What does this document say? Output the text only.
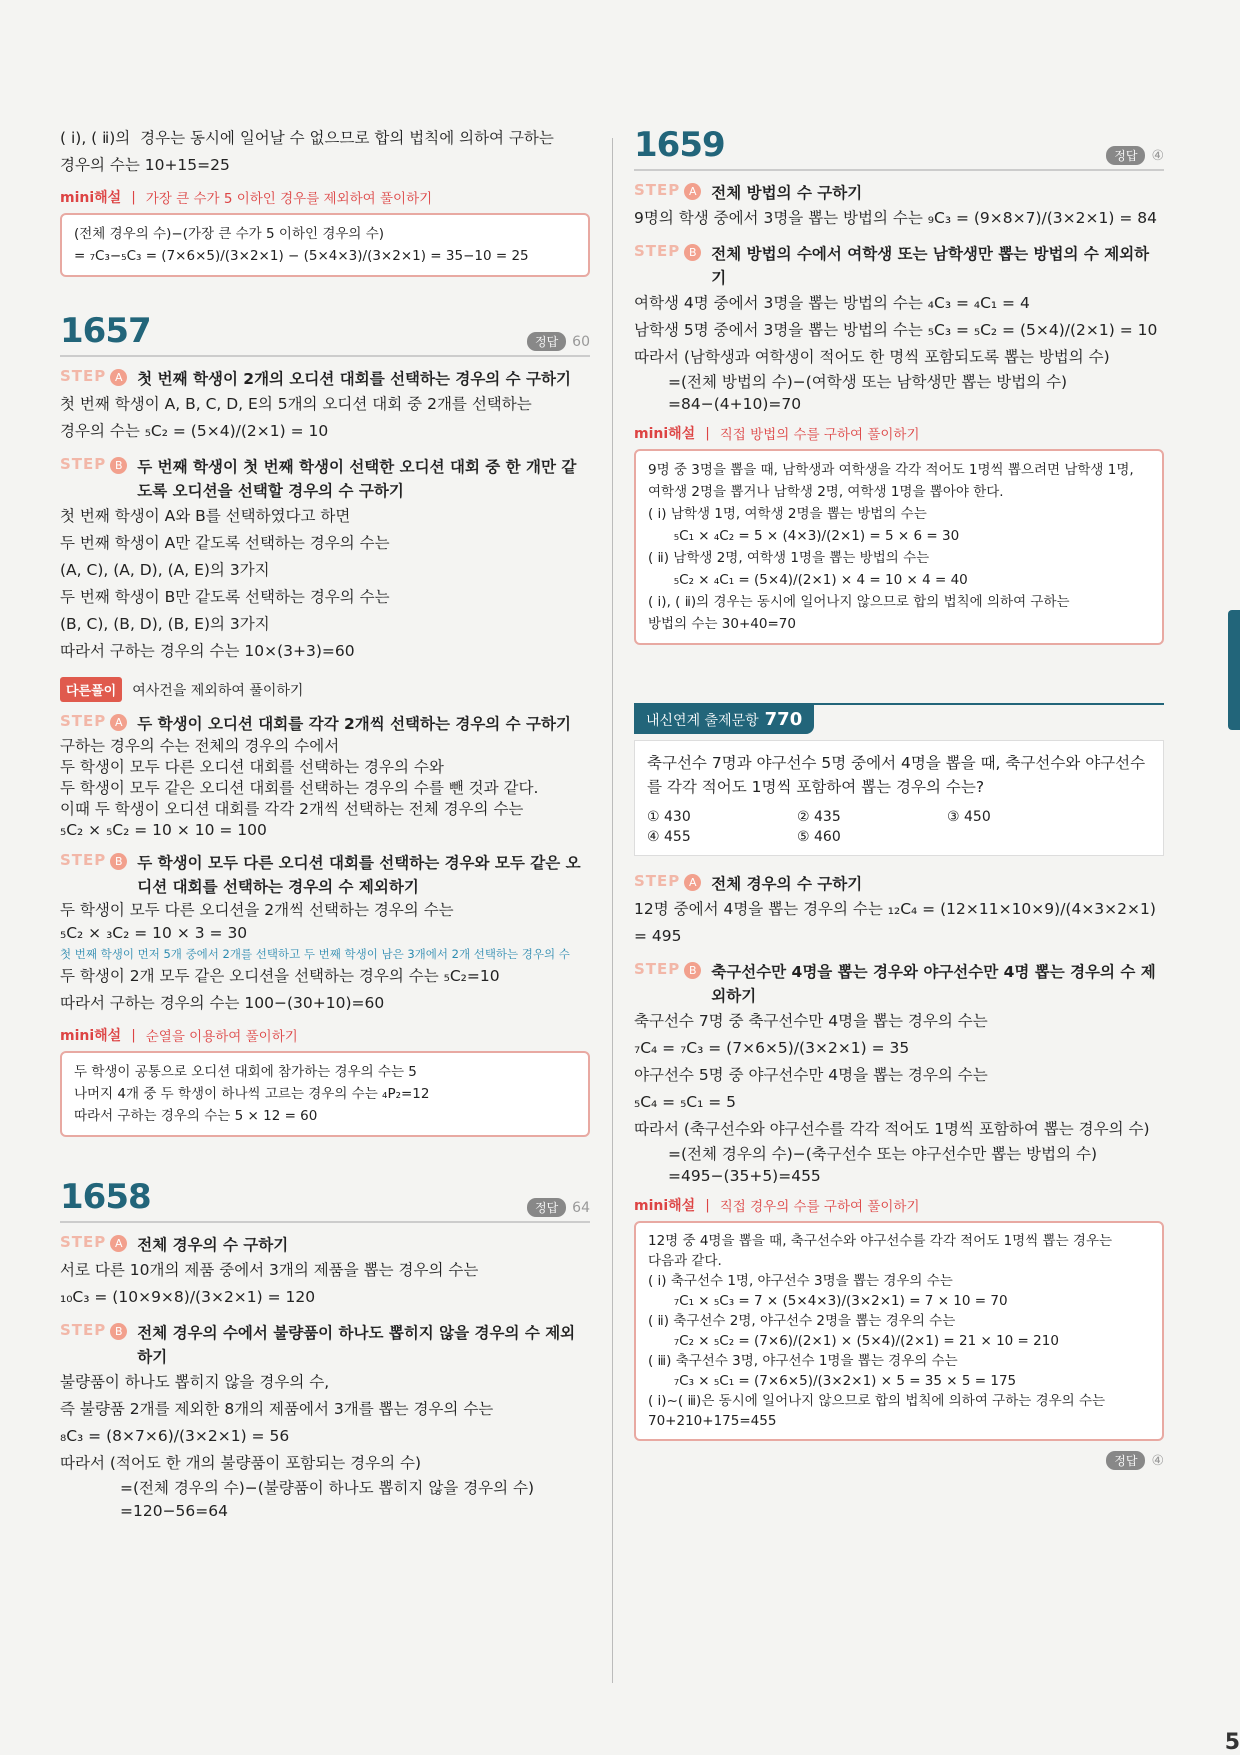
( ⅰ), ( ⅱ)의  경우는 동시에 일어날 수 없으므로 합의 법칙에 의하여 구하는

경우의 수는 10+15=25

mini해설 | 가장 큰 수가 5 이하인 경우를 제외하여 풀이하기

(전체 경우의 수)−(가장 큰 수가 5 이하인 경우의 수)

= ₇C₃−₅C₃ = (7×6×5)/(3×2×1) − (5×4×3)/(3×2×1) = 35−10 = 25

1657	정답	60
STEP A 첫 번째 학생이 2개의 오디션 대회를 선택하는 경우의 수 구하기

첫 번째 학생이 A, B, C, D, E의 5개의 오디션 대회 중 2개를 선택하는

경우의 수는 ₅C₂ = (5×4)/(2×1) = 10

STEP B 두 번째 학생이 첫 번째 학생이 선택한 오디션 대회 중 한 개만 같도록 오디션을 선택할 경우의 수 구하기

첫 번째 학생이 A와 B를 선택하였다고 하면

두 번째 학생이 A만 같도록 선택하는 경우의 수는

(A, C), (A, D), (A, E)의 3가지

두 번째 학생이 B만 같도록 선택하는 경우의 수는

(B, C), (B, D), (B, E)의 3가지

따라서 구하는 경우의 수는 10×(3+3)=60

다른풀이	여사건을 제외하여 풀이하기
STEP A 두 학생이 오디션 대회를 각각 2개씩 선택하는 경우의 수 구하기

구하는 경우의 수는 전체의 경우의 수에서

두 학생이 모두 다른 오디션 대회를 선택하는 경우의 수와

두 학생이 모두 같은 오디션 대회를 선택하는 경우의 수를 뺀 것과 같다.

이때 두 학생이 오디션 대회를 각각 2개씩 선택하는 전체 경우의 수는

₅C₂ × ₅C₂ = 10 × 10 = 100

STEP B 두 학생이 모두 다른 오디션 대회를 선택하는 경우와 모두 같은 오디션 대회를 선택하는 경우의 수 제외하기

두 학생이 모두 다른 오디션을 2개씩 선택하는 경우의 수는

₅C₂ × ₃C₂ = 10 × 3 = 30

첫 번째 학생이 먼저 5개 중에서 2개를 선택하고 두 번째 학생이 남은 3개에서 2개 선택하는 경우의 수

두 학생이 2개 모두 같은 오디션을 선택하는 경우의 수는 ₅C₂=10

따라서 구하는 경우의 수는 100−(30+10)=60

mini해설 | 순열을 이용하여 풀이하기

두 학생이 공통으로 오디션 대회에 참가하는 경우의 수는 5

나머지 4개 중 두 학생이 하나씩 고르는 경우의 수는 ₄P₂=12

따라서 구하는 경우의 수는 5 × 12 = 60

1658	정답	64
STEP A 전체 경우의 수 구하기

서로 다른 10개의 제품 중에서 3개의 제품을 뽑는 경우의 수는

₁₀C₃ = (10×9×8)/(3×2×1) = 120

STEP B 전체 경우의 수에서 불량품이 하나도 뽑히지 않을 경우의 수 제외하기

불량품이 하나도 뽑히지 않을 경우의 수,

즉 불량품 2개를 제외한 8개의 제품에서 3개를 뽑는 경우의 수는

₈C₃ = (8×7×6)/(3×2×1) = 56

따라서 (적어도 한 개의 불량품이 포함되는 경우의 수)

=(전체 경우의 수)−(불량품이 하나도 뽑히지 않을 경우의 수)

=120−56=64

1659	정답	④
STEP A 전체 방법의 수 구하기

9명의 학생 중에서 3명을 뽑는 방법의 수는 ₉C₃ = (9×8×7)/(3×2×1) = 84

STEP B 전체 방법의 수에서 여학생 또는 남학생만 뽑는 방법의 수 제외하기

여학생 4명 중에서 3명을 뽑는 방법의 수는 ₄C₃ = ₄C₁ = 4

남학생 5명 중에서 3명을 뽑는 방법의 수는 ₅C₃ = ₅C₂ = (5×4)/(2×1) = 10

따라서 (남학생과 여학생이 적어도 한 명씩 포함되도록 뽑는 방법의 수)

=(전체 방법의 수)−(여학생 또는 남학생만 뽑는 방법의 수)

=84−(4+10)=70

mini해설 | 직접 방법의 수를 구하여 풀이하기

9명 중 3명을 뽑을 때, 남학생과 여학생을 각각 적어도 1명씩 뽑으려면 남학생 1명,

여학생 2명을 뽑거나 남학생 2명, 여학생 1명을 뽑아야 한다.

( ⅰ) 남학생 1명, 여학생 2명을 뽑는 방법의 수는

₅C₁ × ₄C₂ = 5 × (4×3)/(2×1) = 5 × 6 = 30

( ⅱ) 남학생 2명, 여학생 1명을 뽑는 방법의 수는

₅C₂ × ₄C₁ = (5×4)/(2×1) × 4 = 10 × 4 = 40

( ⅰ), ( ⅱ)의 경우는 동시에 일어나지 않으므로 합의 법칙에 의하여 구하는

방법의 수는 30+40=70

내신연계 출제문항 770

축구선수 7명과 야구선수 5명 중에서 4명을 뽑을 때, 축구선수와 야구선수

를 각각 적어도 1명씩 포함하여 뽑는 경우의 수는?

① 430	② 435	③ 450
④ 455	⑤ 460
STEP A 전체 경우의 수 구하기

12명 중에서 4명을 뽑는 경우의 수는 ₁₂C₄ = (12×11×10×9)/(4×3×2×1) = 495

STEP B 축구선수만 4명을 뽑는 경우와 야구선수만 4명 뽑는 경우의 수 제외하기

축구선수 7명 중 축구선수만 4명을 뽑는 경우의 수는

₇C₄ = ₇C₃ = (7×6×5)/(3×2×1) = 35

야구선수 5명 중 야구선수만 4명을 뽑는 경우의 수는

₅C₄ = ₅C₁ = 5

따라서 (축구선수와 야구선수를 각각 적어도 1명씩 포함하여 뽑는 경우의 수)

=(전체 경우의 수)−(축구선수 또는 야구선수만 뽑는 방법의 수)

=495−(35+5)=455

mini해설 | 직접 경우의 수를 구하여 풀이하기

12명 중 4명을 뽑을 때, 축구선수와 야구선수를 각각 적어도 1명씩 뽑는 경우는

다음과 같다.

( ⅰ) 축구선수 1명, 야구선수 3명을 뽑는 경우의 수는

₇C₁ × ₅C₃ = 7 × (5×4×3)/(3×2×1) = 7 × 10 = 70

( ⅱ) 축구선수 2명, 야구선수 2명을 뽑는 경우의 수는

₇C₂ × ₅C₂ = (7×6)/(2×1) × (5×4)/(2×1) = 21 × 10 = 210

( ⅲ) 축구선수 3명, 야구선수 1명을 뽑는 경우의 수는

₇C₃ × ₅C₁ = (7×6×5)/(3×2×1) × 5 = 35 × 5 = 175

( ⅰ)~( ⅲ)은 동시에 일어나지 않으므로 합의 법칙에 의하여 구하는 경우의 수는

70+210+175=455

정답	④
5
